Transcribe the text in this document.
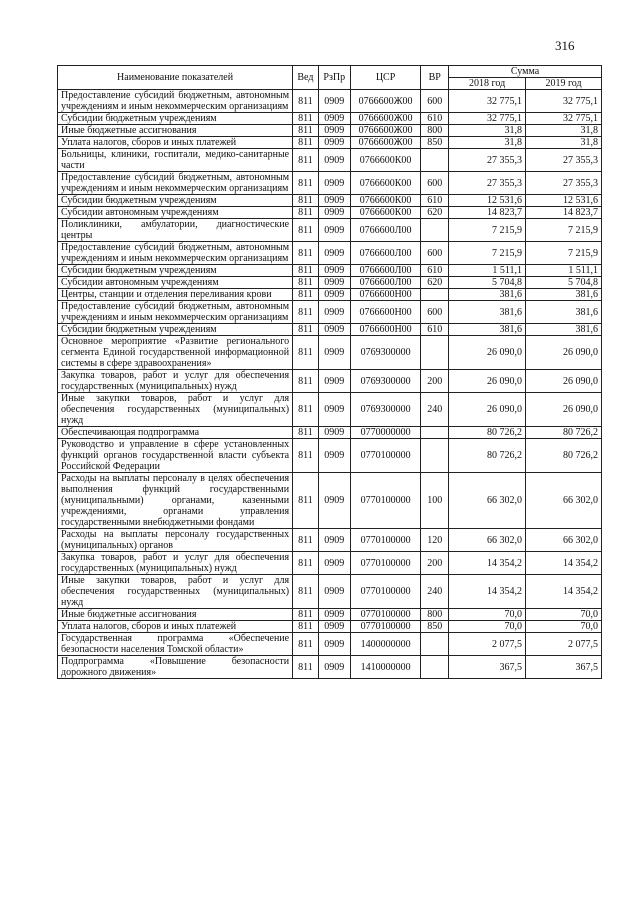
316
Наименование показателей	Вед	РзПр	ЦСР	ВР	Сумма	
					2018 год	2019 год
Предоставление субсидий бюджетным, автономным учреждениям и иным некоммерческим организациям	811	0909	0766600Ж00	600	32 775,1	32 775,1
Субсидии бюджетным учреждениям	811	0909	0766600Ж00	610	32 775,1	32 775,1
Иные бюджетные ассигнования	811	0909	0766600Ж00	800	31,8	31,8
Уплата налогов, сборов и иных платежей	811	0909	0766600Ж00	850	31,8	31,8
Больницы, клиники, госпитали, медико-санитарные части	811	0909	0766600К00		27 355,3	27 355,3
Предоставление субсидий бюджетным, автономным учреждениям и иным некоммерческим организациям	811	0909	0766600К00	600	27 355,3	27 355,3
Субсидии бюджетным учреждениям	811	0909	0766600К00	610	12 531,6	12 531,6
Субсидии автономным учреждениям	811	0909	0766600К00	620	14 823,7	14 823,7
Поликлиники, амбулатории, диагностические центры	811	0909	0766600Л00		7 215,9	7 215,9
Предоставление субсидий бюджетным, автономным учреждениям и иным некоммерческим организациям	811	0909	0766600Л00	600	7 215,9	7 215,9
Субсидии бюджетным учреждениям	811	0909	0766600Л00	610	1 511,1	1 511,1
Субсидии автономным учреждениям	811	0909	0766600Л00	620	5 704,8	5 704,8
Центры, станции и отделения переливания крови	811	0909	0766600Н00		381,6	381,6
Предоставление субсидий бюджетным, автономным учреждениям и иным некоммерческим организациям	811	0909	0766600Н00	600	381,6	381,6
Субсидии бюджетным учреждениям	811	0909	0766600Н00	610	381,6	381,6
Основное мероприятие «Развитие регионального сегмента Единой государственной информационной системы в сфере здравоохранения»	811	0909	0769300000		26 090,0	26 090,0
Закупка товаров, работ и услуг для обеспечения государственных (муниципальных) нужд	811	0909	0769300000	200	26 090,0	26 090,0
Иные закупки товаров, работ и услуг для обеспечения государственных (муниципальных) нужд	811	0909	0769300000	240	26 090,0	26 090,0
Обеспечивающая подпрограмма	811	0909	0770000000		80 726,2	80 726,2
Руководство и управление в сфере установленных функций органов государственной власти субъекта Российской Федерации	811	0909	0770100000		80 726,2	80 726,2
Расходы на выплаты персоналу в целях обеспечения выполнения функций государственными (муниципальными) органами, казенными учреждениями, органами управления государственными внебюджетными фондами	811	0909	0770100000	100	66 302,0	66 302,0
Расходы на выплаты персоналу государственных (муниципальных) органов	811	0909	0770100000	120	66 302,0	66 302,0
Закупка товаров, работ и услуг для обеспечения государственных (муниципальных) нужд	811	0909	0770100000	200	14 354,2	14 354,2
Иные закупки товаров, работ и услуг для обеспечения государственных (муниципальных) нужд	811	0909	0770100000	240	14 354,2	14 354,2
Иные бюджетные ассигнования	811	0909	0770100000	800	70,0	70,0
Уплата налогов, сборов и иных платежей	811	0909	0770100000	850	70,0	70,0
Государственная программа «Обеспечение безопасности населения Томской области»	811	0909	1400000000		2 077,5	2 077,5
Подпрограмма «Повышение безопасности дорожного движения»	811	0909	1410000000		367,5	367,5
